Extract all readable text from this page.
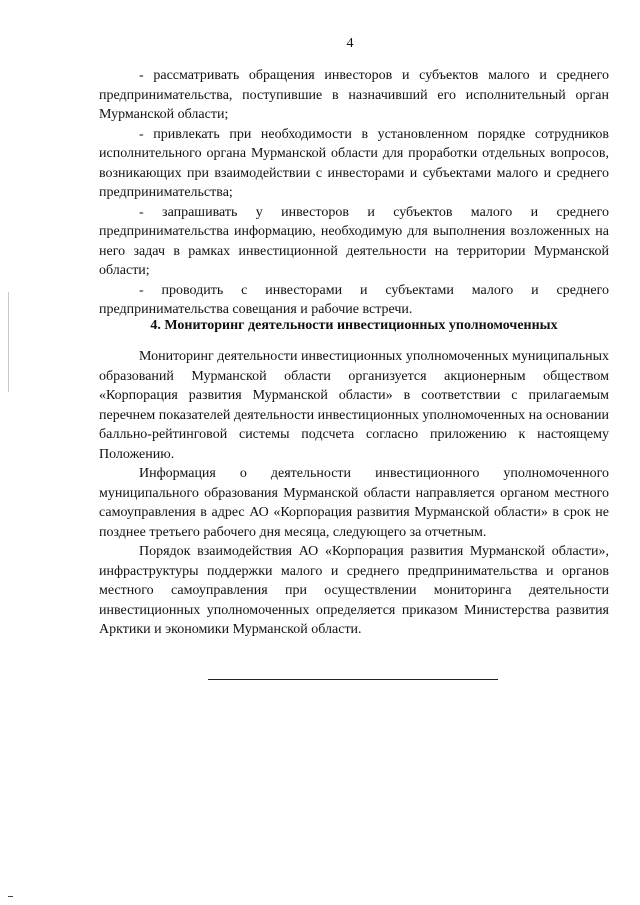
4

- рассматривать обращения инвесторов и субъектов малого и среднего предпринимательства, поступившие в назначивший его исполнительный орган Мурманской области;

- привлекать при необходимости в установленном порядке сотрудников исполнительного органа Мурманской области для проработки отдельных вопросов, возникающих при взаимодействии с инвесторами и субъектами малого и среднего предпринимательства;

- запрашивать у инвесторов и субъектов малого и среднего предпринимательства информацию, необходимую для выполнения возложенных на него задач в рамках инвестиционной деятельности на территории Мурманской области;

- проводить с инвесторами и субъектами малого и среднего предпринимательства совещания и рабочие встречи.

4. Мониторинг деятельности инвестиционных уполномоченных

Мониторинг деятельности инвестиционных уполномоченных муниципальных образований Мурманской области организуется акционерным обществом «Корпорация развития Мурманской области» в соответствии с прилагаемым перечнем показателей деятельности инвестиционных уполномоченных на основании балльно-рейтинговой системы подсчета согласно приложению к настоящему Положению.

Информация о деятельности инвестиционного уполномоченного муниципального образования Мурманской области направляется органом местного самоуправления в адрес АО «Корпорация развития Мурманской области» в срок не позднее третьего рабочего дня месяца, следующего за отчетным.

Порядок взаимодействия АО «Корпорация развития Мурманской области», инфраструктуры поддержки малого и среднего предпринимательства и органов местного самоуправления при осуществлении мониторинга деятельности инвестиционных уполномоченных определяется приказом Министерства развития Арктики и экономики Мурманской области.
